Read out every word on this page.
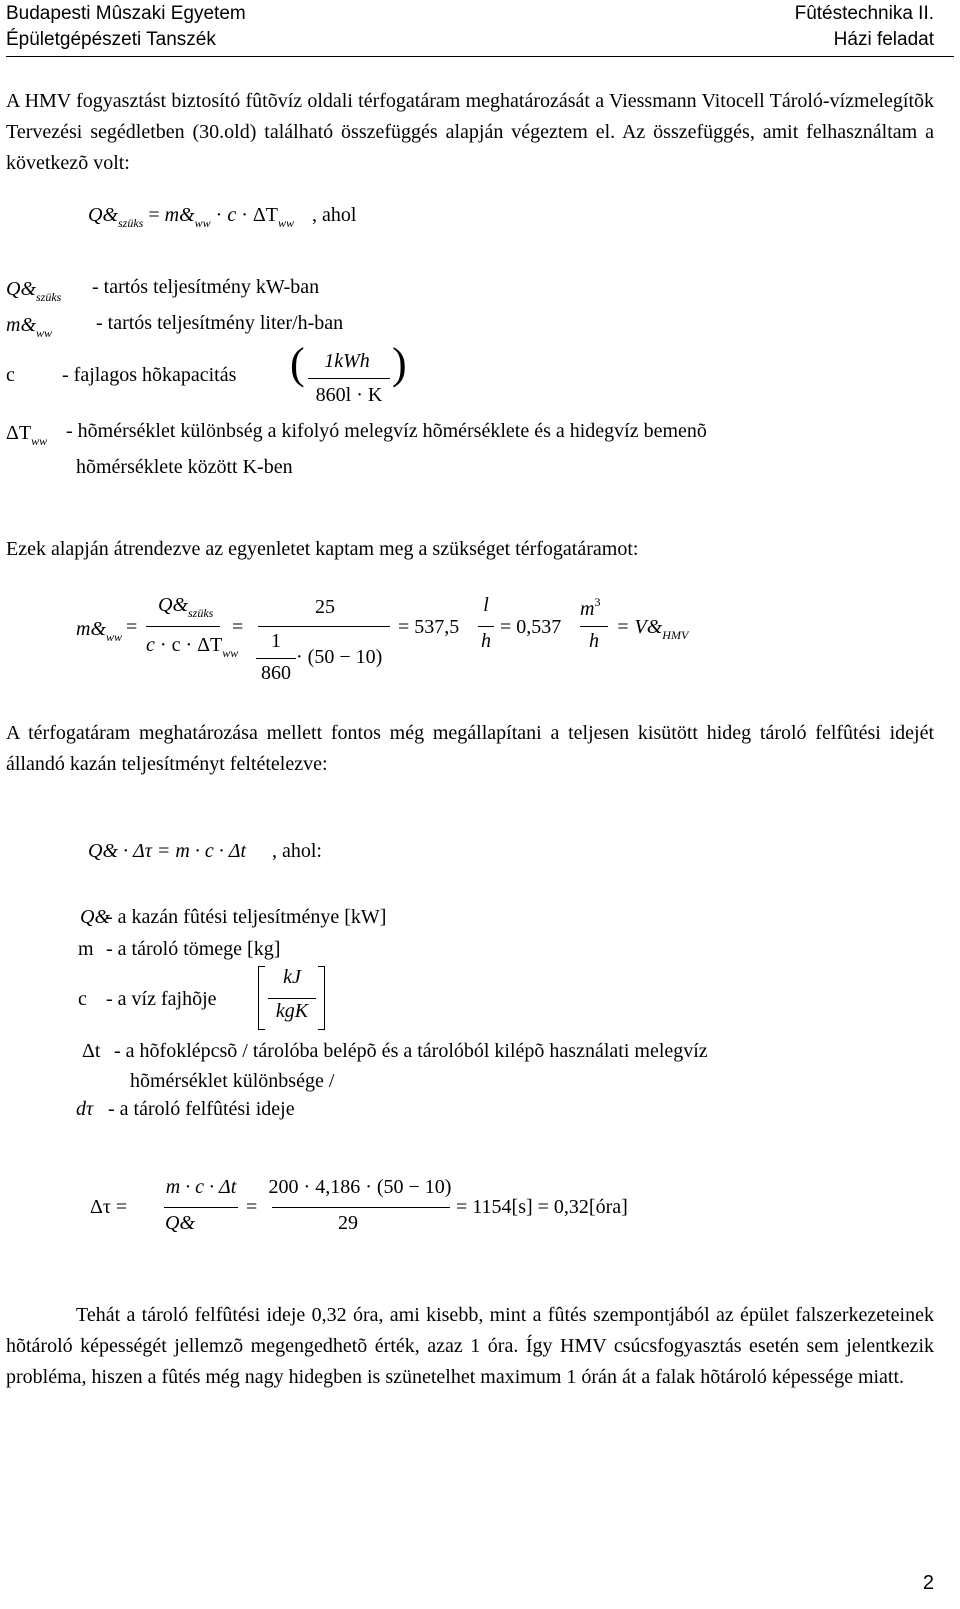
Budapesti Mûszaki Egyetem
Épületgépészeti Tanszék
Fûtéstechnika II.
Házi feladat
A HMV fogyasztást biztosító fûtõvíz oldali térfogatáram meghatározását a Viessmann Vitocell Tároló-vízmelegítõk Tervezési segédletben (30.old) található összefüggés alapján végeztem el. Az összefüggés, amit felhasználtam a következõ volt:
$Q\&_{szüks}$ = $m\&_{ww} \cdot c \cdot \Delta T_{ww}$ , ahol
$Q\&_{szüks}$ - tartós teljesítmény kW-ban
$m\&_{ww}$ - tartós teljesítmény liter/h-ban
c - fajlagos hõkapacitás ( 1kWh
860l · K
)
$\Delta T_{ww}$ - hõmérséklet különbség a kifolyó melegvíz hõmérséklete és a hidegvíz bemenõ
hõmérséklete között K-ben
Ezek alapján átrendezve az egyenletet kaptam meg a szükséget térfogatáramot:
$m\&_{ww}$ =
$Q\&_{szüks}$
$c \cdot c \cdot \Delta T_{ww}$
=
25
1
860
· (50 − 10)
= 537,5
l
h
= 0,537
$m^3$
h
= $V\&_{HMV}$
A térfogatáram meghatározása mellett fontos még megállapítani a teljesen kisütött hideg tároló felfûtési idejét állandó kazán teljesítményt feltételezve:
Q& · Δτ = m · c · Δt , ahol:
Q&
- a kazán fûtési teljesítménye [kW]
m - a tároló tömege [kg]
c - a víz fajhõje
kJ
kgK
Δt - a hõfoklépcsõ / tárolóba belépõ és a tárolóból kilépõ használati melegvíz
hõmérséklet különbsége /
dτ - a tároló felfûtési ideje
Δτ =
m · c · Δt
Q&
=
200 · 4,186 · (50 − 10)
29
= 1154[s] = 0,32[óra]
Tehát a tároló felfûtési ideje 0,32 óra, ami kisebb, mint a fûtés szempontjából az épület falszerkezeteinek hõtároló képességét jellemzõ megengedhetõ érték, azaz 1 óra. Így HMV csúcsfogyasztás esetén sem jelentkezik probléma, hiszen a fûtés még nagy hidegben is szünetelhet maximum 1 órán át a falak hõtároló képessége miatt.
2
